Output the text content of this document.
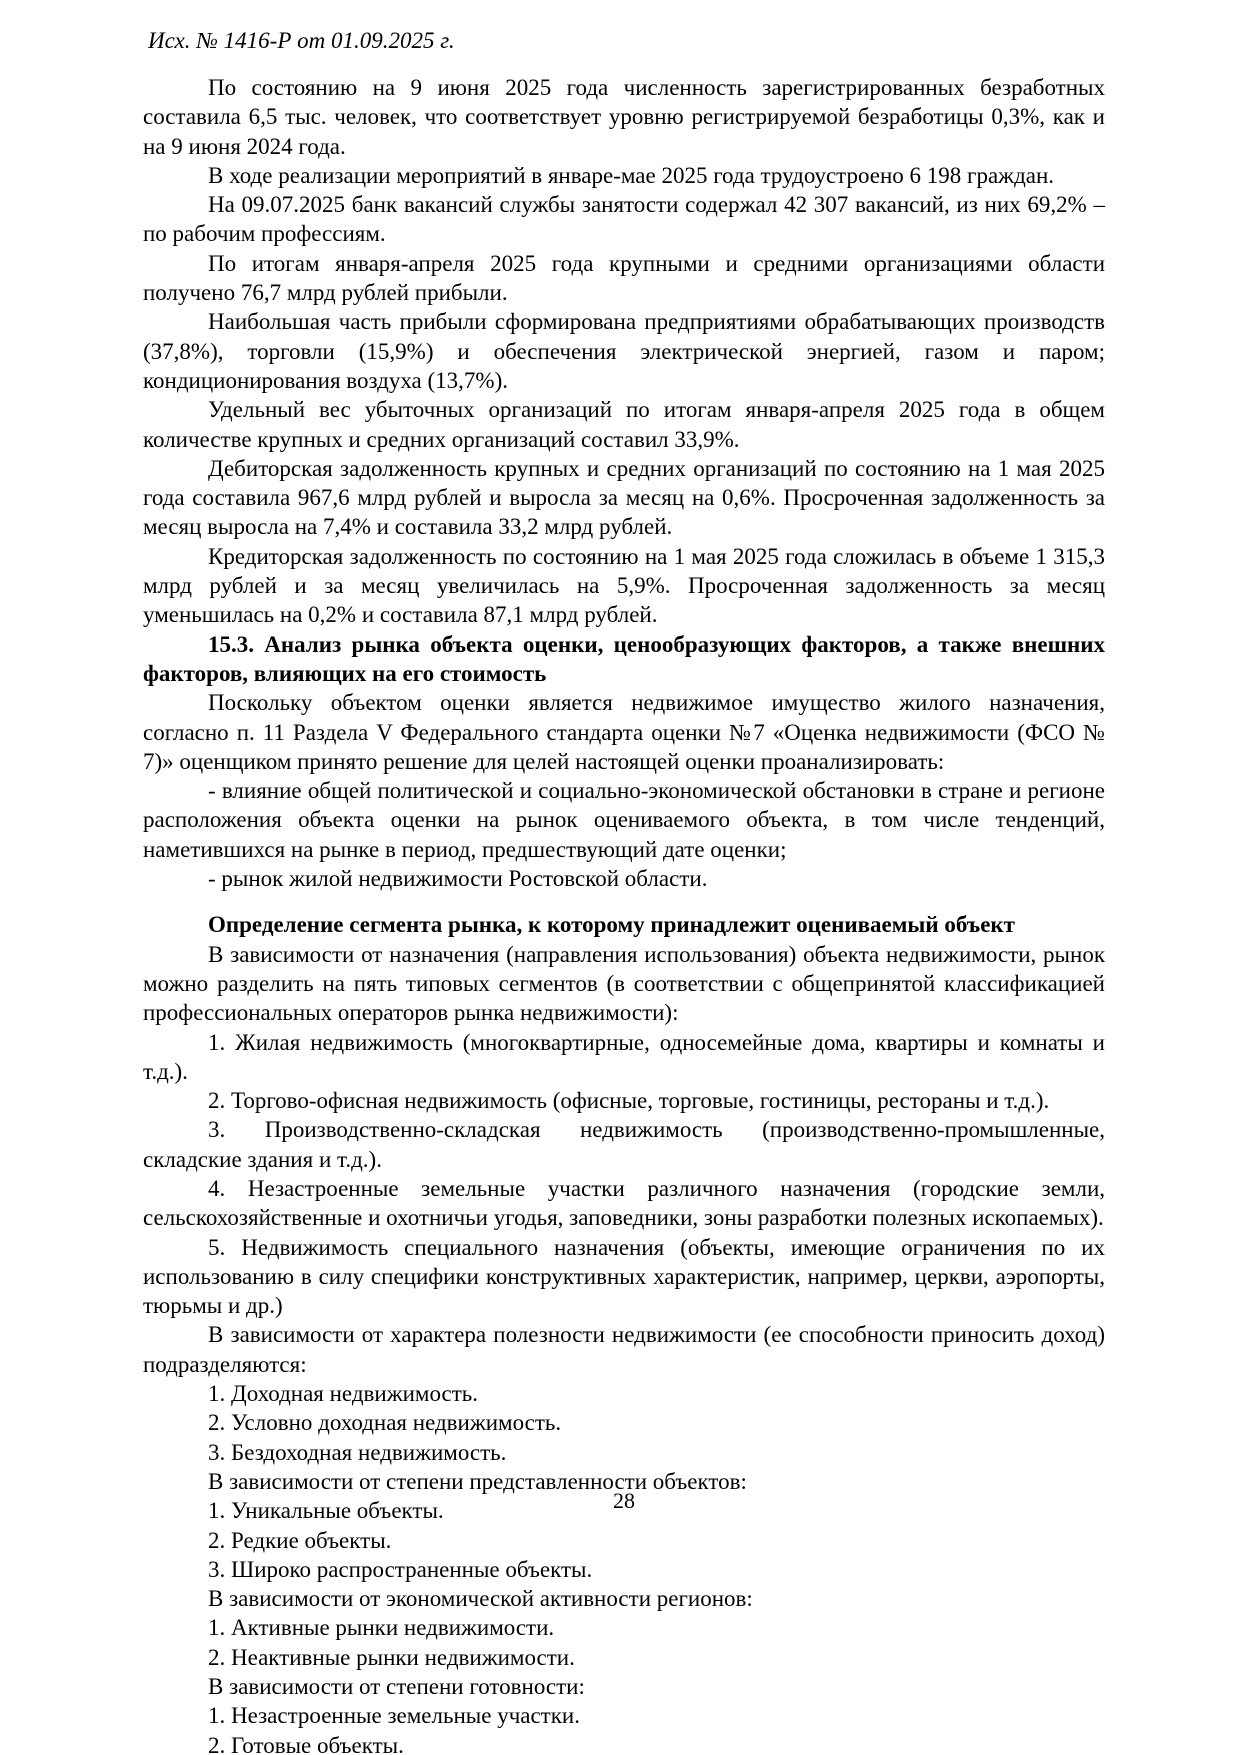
Исх. № 1416-Р от 01.09.2025 г.

По состоянию на 9 июня 2025 года численность зарегистрированных безработных составила 6,5 тыс. человек, что соответствует уровню регистрируемой безработицы 0,3%, как и на 9 июня 2024 года.

В ходе реализации мероприятий в январе-мае 2025 года трудоустроено 6 198 граждан.

На 09.07.2025 банк вакансий службы занятости содержал 42 307 вакансий, из них 69,2% – по рабочим профессиям.

По итогам января-апреля 2025 года крупными и средними организациями области получено 76,7 млрд рублей прибыли.

Наибольшая часть прибыли сформирована предприятиями обрабатывающих производств (37,8%), торговли (15,9%) и обеспечения электрической энергией, газом и паром; кондиционирования воздуха (13,7%).

Удельный вес убыточных организаций по итогам января-апреля 2025 года в общем количестве крупных и средних организаций составил 33,9%.

Дебиторская задолженность крупных и средних организаций по состоянию на 1 мая 2025 года составила 967,6 млрд рублей и выросла за месяц на 0,6%. Просроченная задолженность за месяц выросла на 7,4% и составила 33,2 млрд рублей.

Кредиторская задолженность по состоянию на 1 мая 2025 года сложилась в объеме 1 315,3 млрд рублей и за месяц увеличилась на 5,9%. Просроченная задолженность за месяц уменьшилась на 0,2% и составила 87,1 млрд рублей.

15.3. Анализ рынка объекта оценки, ценообразующих факторов, а также внешних факторов, влияющих на его стоимость

Поскольку объектом оценки является недвижимое имущество жилого назначения, согласно п. 11 Раздела V Федерального стандарта оценки №7 «Оценка недвижимости (ФСО № 7)» оценщиком принято решение для целей настоящей оценки проанализировать:

- влияние общей политической и социально-экономической обстановки в стране и регионе расположения объекта оценки на рынок оцениваемого объекта, в том числе тенденций, наметившихся на рынке в период, предшествующий дате оценки;

- рынок жилой недвижимости Ростовской области.

Определение сегмента рынка, к которому принадлежит оцениваемый объект

В зависимости от назначения (направления использования) объекта недвижимости, рынок можно разделить на пять типовых сегментов (в соответствии с общепринятой классификацией профессиональных операторов рынка недвижимости):

1. Жилая недвижимость (многоквартирные, односемейные дома, квартиры и комнаты и т.д.).

2. Торгово-офисная недвижимость (офисные, торговые, гостиницы, рестораны и т.д.).

3. Производственно-складская недвижимость (производственно-промышленные, складские здания и т.д.).

4. Незастроенные земельные участки различного назначения (городские земли, сельскохозяйственные и охотничьи угодья, заповедники, зоны разработки полезных ископаемых).

5. Недвижимость специального назначения (объекты, имеющие ограничения по их использованию в силу специфики конструктивных характеристик, например, церкви, аэропорты, тюрьмы и др.)

В зависимости от характера полезности недвижимости (ее способности приносить доход) подразделяются:

1. Доходная недвижимость.

2. Условно доходная недвижимость.

3. Бездоходная недвижимость.

В зависимости от степени представленности объектов:

1. Уникальные объекты.

2. Редкие объекты.

3. Широко распространенные объекты.

В зависимости от экономической активности регионов:

1. Активные рынки недвижимости.

2. Неактивные рынки недвижимости.

В зависимости от степени готовности:

1. Незастроенные земельные участки.

2. Готовые объекты.

28
